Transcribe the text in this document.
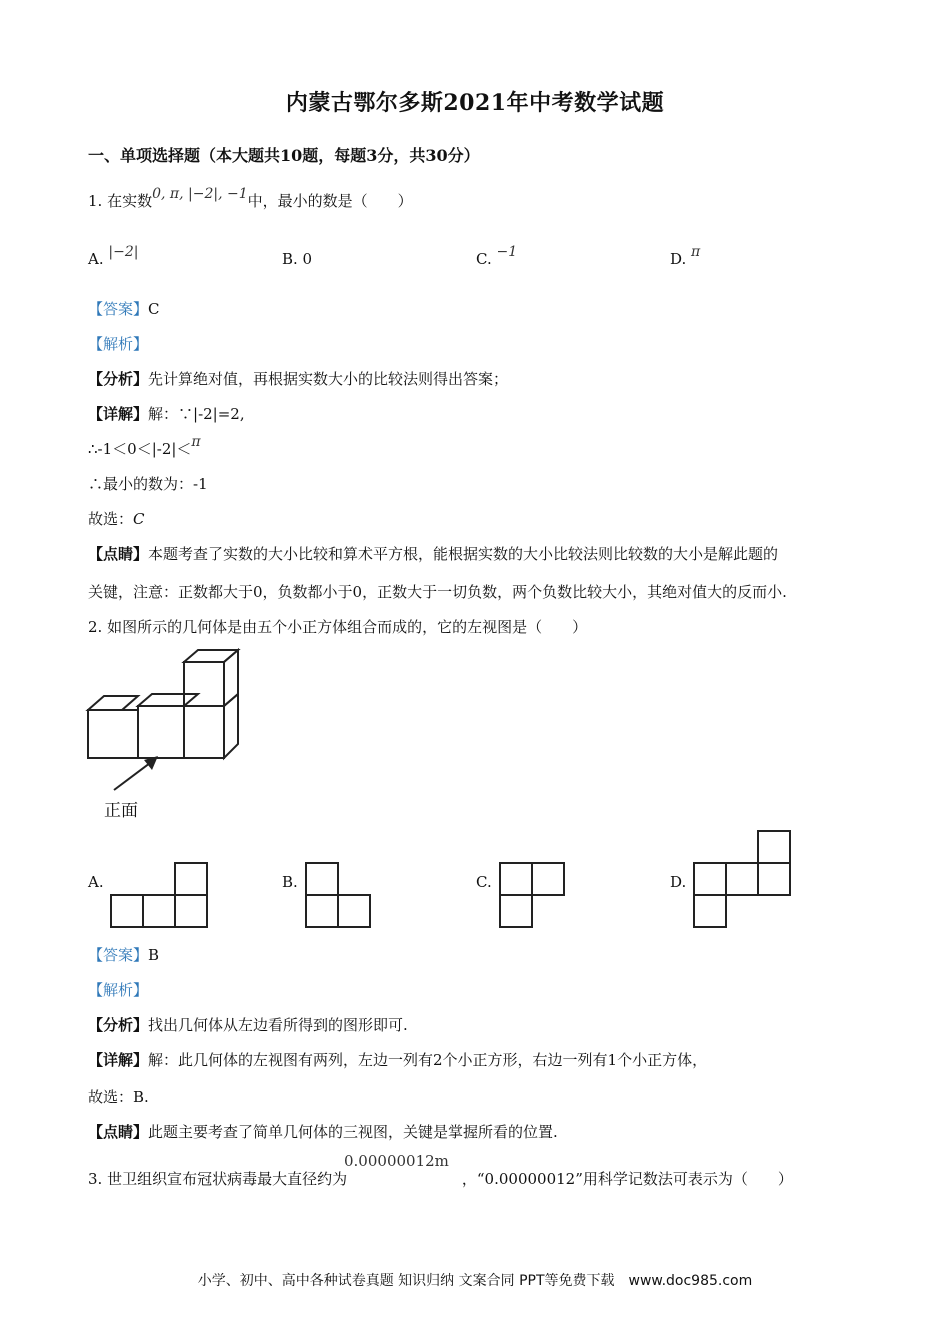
内蒙古鄂尔多斯2021年中考数学试题
一、单项选择题（本大题共10题，每题3分，共30分）
1. 在实数0, π, |−2|, −1中，最小的数是（　　）
A. |−2|	B. 0	C. −1	D. π
【答案】C
【解析】
【分析】先计算绝对值，再根据实数大小的比较法则得出答案；
【详解】解：∵|-2|=2,
∴-1＜0＜|-2|＜π
∴最小的数为：-1
故选：C
【点睛】本题考查了实数的大小比较和算术平方根，能根据实数的大小比较法则比较数的大小是解此题的
关键，注意：正数都大于0，负数都小于0，正数大于一切负数，两个负数比较大小，其绝对值大的反而小.
2. 如图所示的几何体是由五个小正方体组合而成的，它的左视图是（　　）
正面
A.	B.	C.	D.
【答案】B
【解析】
【分析】找出几何体从左边看所得到的图形即可.
【详解】解：此几何体的左视图有两列，左边一列有2个小正方形，右边一列有1个小正方体，
故选：B.
【点睛】此题主要考查了简单几何体的三视图，关键是掌握所看的位置.
3. 世卫组织宣布冠状病毒最大直径约为
0.00000012m
，“0.00000012”用科学记数法可表示为（　　）
小学、初中、高中各种试卷真题 知识归纳 文案合同 PPT等免费下载　www.doc985.com
